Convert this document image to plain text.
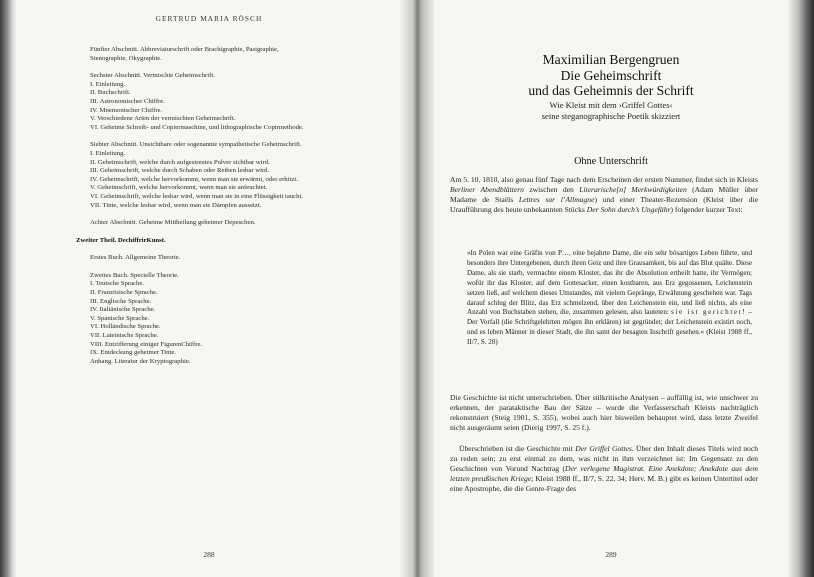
GERTRUD MARIA RÖSCH
Fünfter Abschnitt. Abbreviaturschrift oder Brachigraphie, Pasigraphie,
Stenographie, Okygraphie.
Sechster Abschnitt. Vermischte Geheimschrift.
I. Einleitung.
II. Buchschrift.
III. Astronomischer Chiffre.
IV. Mnemonischer Chiffre.
V. Verschiedene Arten der vermischten Geheimschrift.
VI. Geheime Schreib- und Copiermaschine, und lithographische Copirmethode.
Siebter Abschnitt. Unsichtbare oder sogenannte sympathetische Geheimschrift.
I. Einleitung.
II. Geheimschrift, welche durch aufgestreutes Pulver sichtbar wird.
III. Geheimschrift, welche durch Schaben oder Reiben lesbar wird.
IV. Geheimschrift, welche hervorkommt, wenn man sie erwärmt, oder erhitzt.
V. Geheimschrift, welche hervorkommt, wenn man sie anfeuchtet.
VI. Geheimschrift, welche lesbar wird, wenn man sie in eine Flüssigkeit taucht.
VII. Tinte, welche lesbar wird, wenn man sie Dämpfen aussetzt.
Achter Abschnitt. Geheime Mittheilung geheimer Depeschen.
Zweiter Theil. DechiffrirKunst.
Erstes Buch. Allgemeine Theorie.
Zweites Buch. Specielle Theorie.
I. Teutsche Sprache.
II. Französische Sprache.
III. Englische Sprache.
IV. Italiänische Sprache.
V. Spanische Sprache.
VI. Holländische Sprache.
VII. Lateinische Sprache.
VIII. Entzifferung einiger FigurenChiffre.
IX. Entdeckung geheimer Tinte.
Anhang. Literatur der Kryptographie.
288
Maximilian Bergengruen
Die Geheimschrift
und das Geheimnis der Schrift
Wie Kleist mit dem ›Griffel Gottes‹
seine steganographische Poetik skizziert
Ohne Unterschrift

Am 5. 10. 1810, also genau fünf Tage nach dem Erscheinen der ersten Nummer, findet sich in Kleists Berliner Abendblättern zwischen den Literarische[n] Merkwürdigkeiten (Adam Müller über Madame de Staëls Lettres sur l’Allmagne) und einer Theater-Rezension (Kleist über die Uraufführung des heute unbekannten Stücks Der Sohn durch’s Ungefähr) folgender kurzer Text:

»In Polen war eine Gräfin von P…, eine bejahrte Dame, die ein sehr bösartiges Leben führte, und besonders ihre Untergebenen, durch ihren Geiz und ihre Grausamkeit, bis auf das Blut quälte. Diese Dame, als sie starb, vermachte einem Kloster, das ihr die Absolution ertheilt hatte, ihr Vermögen; wofür ihr das Kloster, auf dem Gottesacker, einen kostbaren, aus Erz gegossenen, Leichenstein setzen ließ, auf welchem dieses Umstandes, mit vielem Gepränge, Erwähnung geschehen war. Tags darauf schlug der Blitz, das Erz schmelzend, über den Leichenstein ein, und ließ nichts, als eine Anzahl von Buchstaben stehen, die, zusammen gelesen, also lauteten: sie ist gerichtet! – Der Vorfall (die Schriftgelehrten mögen ihn erklären) ist gegründet; der Leichenstein existirt noch, und es leben Männer in dieser Stadt, die ihn samt der besagten Inschrift gesehen.« (Kleist 1988 ff., II/7, S. 28)

Die Geschichte ist nicht unterschrieben. Über stilkritische Analysen – auffällig ist, wie unschwer zu erkennen, der parataktische Bau der Sätze – wurde die Verfasserschaft Kleists nachträglich rekonstruiert (Steig 1901, S. 355), wobei auch hier bisweilen behauptet wird, dass letzte Zweifel nicht ausgeräumt seien (Dierig 1997, S. 25 f.).

Überschrieben ist die Geschichte mit Der Griffel Gottes. Über den Inhalt dieses Titels wird noch zu reden sein; zu erst einmal zu dem, was nicht in ihm verzeichnet ist: Im Gegensatz zu den Geschichten von Vorund Nachtrag (Der verlegene Magistrat. Eine Anekdote; Anekdote aus dem letzten preußischen Kriege; Kleist 1988 ff., II/7, S. 22, 34; Herv. M. B.) gibt es keinen Untertitel oder eine Apostrophe, die die Genre-Frage des

289
